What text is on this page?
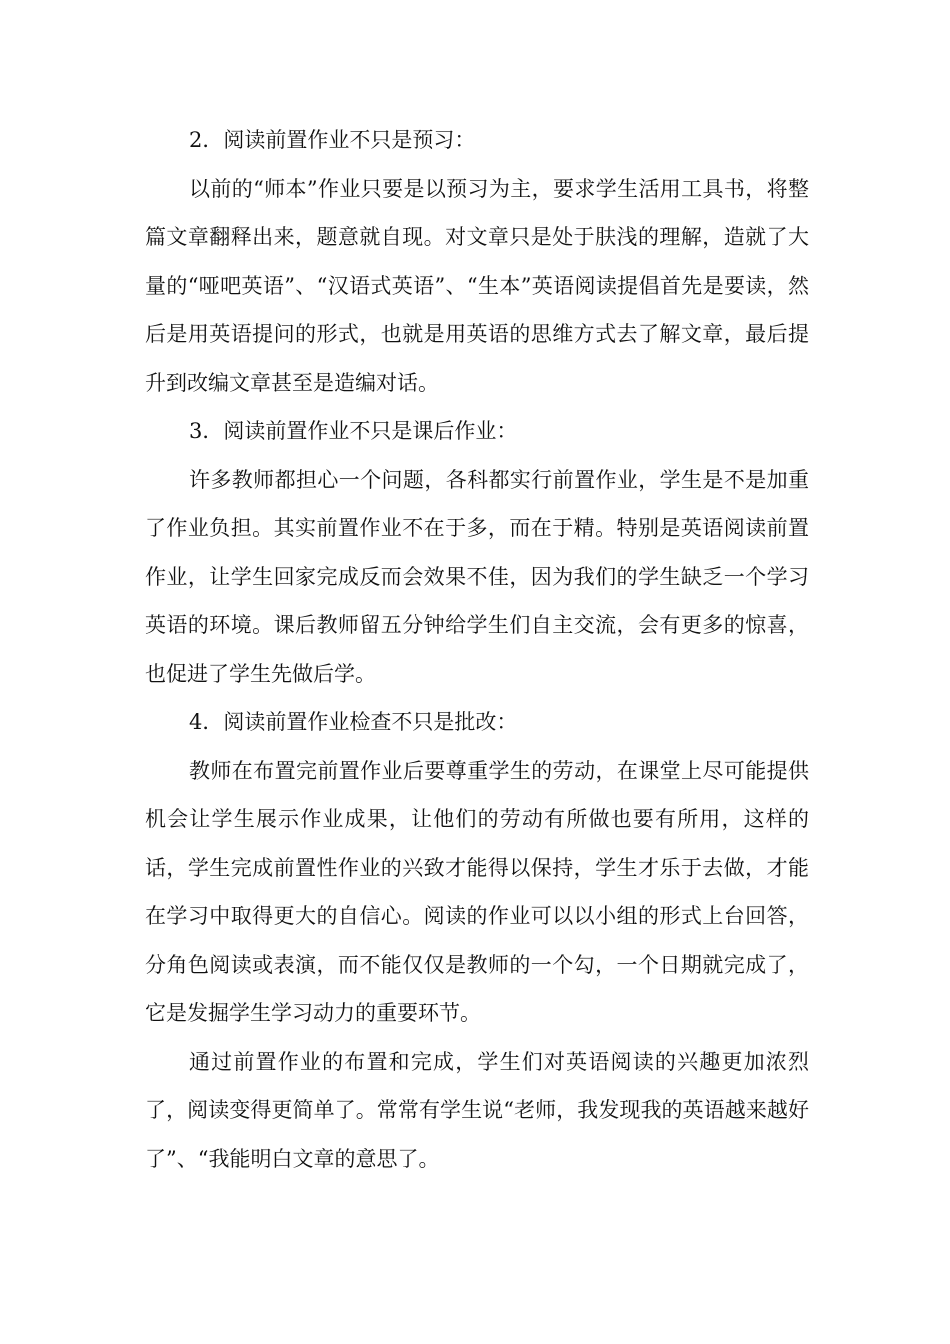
2．阅读前置作业不只是预习：

以前的“师本”作业只要是以预习为主，要求学生活用工具书，将整篇文章翻释出来，题意就自现。对文章只是处于肤浅的理解，造就了大量的“哑吧英语”、“汉语式英语”、“生本”英语阅读提倡首先是要读，然后是用英语提问的形式，也就是用英语的思维方式去了解文章，最后提升到改编文章甚至是造编对话。

3．阅读前置作业不只是课后作业：

许多教师都担心一个问题，各科都实行前置作业，学生是不是加重了作业负担。其实前置作业不在于多，而在于精。特别是英语阅读前置作业，让学生回家完成反而会效果不佳，因为我们的学生缺乏一个学习英语的环境。课后教师留五分钟给学生们自主交流，会有更多的惊喜，也促进了学生先做后学。

4．阅读前置作业检查不只是批改：

教师在布置完前置作业后要尊重学生的劳动，在课堂上尽可能提供机会让学生展示作业成果，让他们的劳动有所做也要有所用，这样的话，学生完成前置性作业的兴致才能得以保持，学生才乐于去做，才能在学习中取得更大的自信心。阅读的作业可以以小组的形式上台回答，分角色阅读或表演，而不能仅仅是教师的一个勾，一个日期就完成了，它是发掘学生学习动力的重要环节。

通过前置作业的布置和完成，学生们对英语阅读的兴趣更加浓烈了，阅读变得更简单了。常常有学生说“老师，我发现我的英语越来越好了”、“我能明白文章的意思了。
